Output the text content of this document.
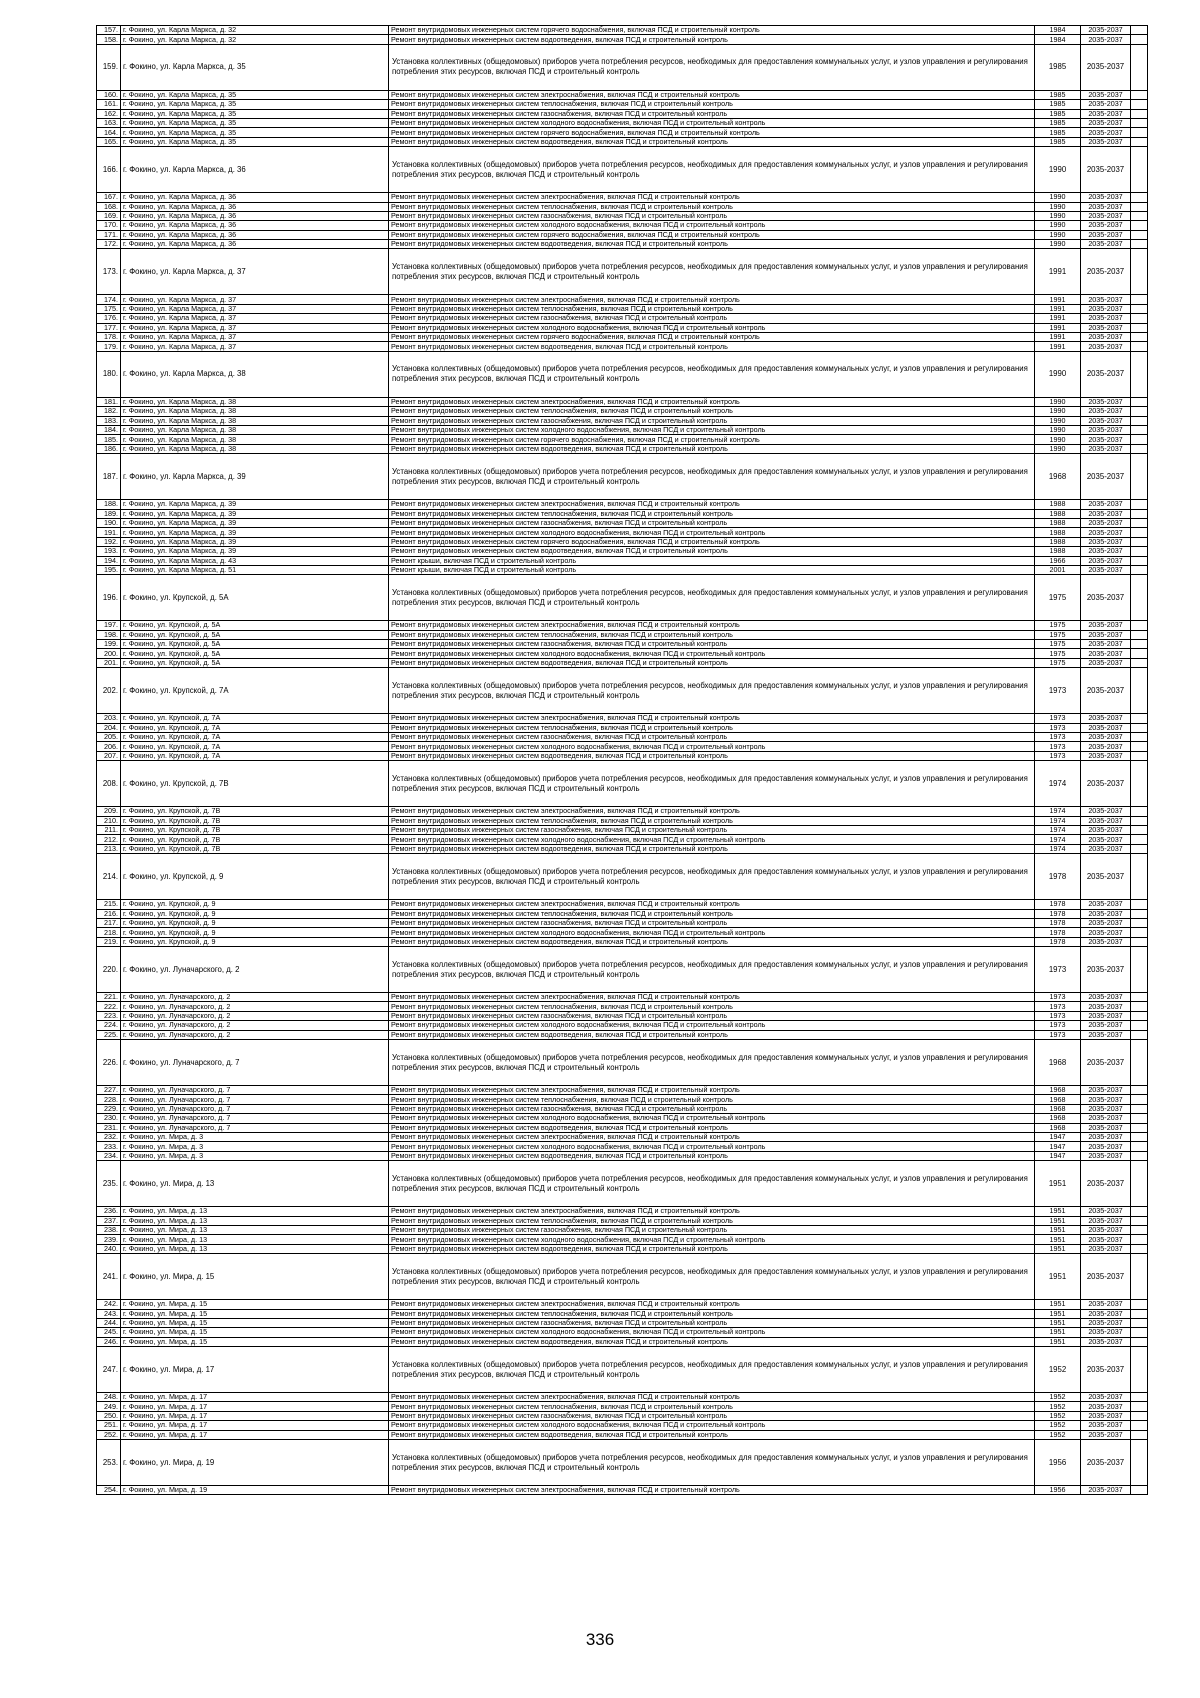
157.	г. Фокино, ул. Карла Маркса, д. 32	Ремонт внутридомовых инженерных систем горячего водоснабжения, включая ПСД и строительный контроль	1984	2035-2037	
158.	г. Фокино, ул. Карла Маркса, д. 32	Ремонт внутридомовых инженерных систем водоотведения, включая ПСД и строительный контроль	1984	2035-2037	
159.	г. Фокино, ул. Карла Маркса, д. 35	Установка коллективных (общедомовых) приборов учета потребления ресурсов, необходимых для предоставления коммунальных услуг, и узлов управления и регулирования потребления этих ресурсов, включая ПСД и строительный контроль	1985	2035-2037	
160.	г. Фокино, ул. Карла Маркса, д. 35	Ремонт внутридомовых инженерных систем электроснабжения, включая ПСД и строительный контроль	1985	2035-2037	
161.	г. Фокино, ул. Карла Маркса, д. 35	Ремонт внутридомовых инженерных систем теплоснабжения, включая ПСД и строительный контроль	1985	2035-2037	
162.	г. Фокино, ул. Карла Маркса, д. 35	Ремонт внутридомовых инженерных систем газоснабжения, включая ПСД и строительный контроль	1985	2035-2037	
163.	г. Фокино, ул. Карла Маркса, д. 35	Ремонт внутридомовых инженерных систем холодного водоснабжения, включая ПСД и строительный контроль	1985	2035-2037	
164.	г. Фокино, ул. Карла Маркса, д. 35	Ремонт внутридомовых инженерных систем горячего водоснабжения, включая ПСД и строительный контроль	1985	2035-2037	
165.	г. Фокино, ул. Карла Маркса, д. 35	Ремонт внутридомовых инженерных систем водоотведения, включая ПСД и строительный контроль	1985	2035-2037	
166.	г. Фокино, ул. Карла Маркса, д. 36	Установка коллективных (общедомовых) приборов учета потребления ресурсов, необходимых для предоставления коммунальных услуг, и узлов управления и регулирования потребления этих ресурсов, включая ПСД и строительный контроль	1990	2035-2037	
167.	г. Фокино, ул. Карла Маркса, д. 36	Ремонт внутридомовых инженерных систем электроснабжения, включая ПСД и строительный контроль	1990	2035-2037	
168.	г. Фокино, ул. Карла Маркса, д. 36	Ремонт внутридомовых инженерных систем теплоснабжения, включая ПСД и строительный контроль	1990	2035-2037	
169.	г. Фокино, ул. Карла Маркса, д. 36	Ремонт внутридомовых инженерных систем газоснабжения, включая ПСД и строительный контроль	1990	2035-2037	
170.	г. Фокино, ул. Карла Маркса, д. 36	Ремонт внутридомовых инженерных систем холодного водоснабжения, включая ПСД и строительный контроль	1990	2035-2037	
171.	г. Фокино, ул. Карла Маркса, д. 36	Ремонт внутридомовых инженерных систем горячего водоснабжения, включая ПСД и строительный контроль	1990	2035-2037	
172.	г. Фокино, ул. Карла Маркса, д. 36	Ремонт внутридомовых инженерных систем водоотведения, включая ПСД и строительный контроль	1990	2035-2037	
173.	г. Фокино, ул. Карла Маркса, д. 37	Установка коллективных (общедомовых) приборов учета потребления ресурсов, необходимых для предоставления коммунальных услуг, и узлов управления и регулирования потребления этих ресурсов, включая ПСД и строительный контроль	1991	2035-2037	
174.	г. Фокино, ул. Карла Маркса, д. 37	Ремонт внутридомовых инженерных систем электроснабжения, включая ПСД и строительный контроль	1991	2035-2037	
175.	г. Фокино, ул. Карла Маркса, д. 37	Ремонт внутридомовых инженерных систем теплоснабжения, включая ПСД и строительный контроль	1991	2035-2037	
176.	г. Фокино, ул. Карла Маркса, д. 37	Ремонт внутридомовых инженерных систем газоснабжения, включая ПСД и строительный контроль	1991	2035-2037	
177.	г. Фокино, ул. Карла Маркса, д. 37	Ремонт внутридомовых инженерных систем холодного водоснабжения, включая ПСД и строительный контроль	1991	2035-2037	
178.	г. Фокино, ул. Карла Маркса, д. 37	Ремонт внутридомовых инженерных систем горячего водоснабжения, включая ПСД и строительный контроль	1991	2035-2037	
179.	г. Фокино, ул. Карла Маркса, д. 37	Ремонт внутридомовых инженерных систем водоотведения, включая ПСД и строительный контроль	1991	2035-2037	
180.	г. Фокино, ул. Карла Маркса, д. 38	Установка коллективных (общедомовых) приборов учета потребления ресурсов, необходимых для предоставления коммунальных услуг, и узлов управления и регулирования потребления этих ресурсов, включая ПСД и строительный контроль	1990	2035-2037	
181.	г. Фокино, ул. Карла Маркса, д. 38	Ремонт внутридомовых инженерных систем электроснабжения, включая ПСД и строительный контроль	1990	2035-2037	
182.	г. Фокино, ул. Карла Маркса, д. 38	Ремонт внутридомовых инженерных систем теплоснабжения, включая ПСД и строительный контроль	1990	2035-2037	
183.	г. Фокино, ул. Карла Маркса, д. 38	Ремонт внутридомовых инженерных систем газоснабжения, включая ПСД и строительный контроль	1990	2035-2037	
184.	г. Фокино, ул. Карла Маркса, д. 38	Ремонт внутридомовых инженерных систем холодного водоснабжения, включая ПСД и строительный контроль	1990	2035-2037	
185.	г. Фокино, ул. Карла Маркса, д. 38	Ремонт внутридомовых инженерных систем горячего водоснабжения, включая ПСД и строительный контроль	1990	2035-2037	
186.	г. Фокино, ул. Карла Маркса, д. 38	Ремонт внутридомовых инженерных систем водоотведения, включая ПСД и строительный контроль	1990	2035-2037	
187.	г. Фокино, ул. Карла Маркса, д. 39	Установка коллективных (общедомовых) приборов учета потребления ресурсов, необходимых для предоставления коммунальных услуг, и узлов управления и регулирования потребления этих ресурсов, включая ПСД и строительный контроль	1968	2035-2037	
188.	г. Фокино, ул. Карла Маркса, д. 39	Ремонт внутридомовых инженерных систем электроснабжения, включая ПСД и строительный контроль	1988	2035-2037	
189.	г. Фокино, ул. Карла Маркса, д. 39	Ремонт внутридомовых инженерных систем теплоснабжения, включая ПСД и строительный контроль	1988	2035-2037	
190.	г. Фокино, ул. Карла Маркса, д. 39	Ремонт внутридомовых инженерных систем газоснабжения, включая ПСД и строительный контроль	1988	2035-2037	
191.	г. Фокино, ул. Карла Маркса, д. 39	Ремонт внутридомовых инженерных систем холодного водоснабжения, включая ПСД и строительный контроль	1988	2035-2037	
192.	г. Фокино, ул. Карла Маркса, д. 39	Ремонт внутридомовых инженерных систем горячего водоснабжения, включая ПСД и строительный контроль	1988	2035-2037	
193.	г. Фокино, ул. Карла Маркса, д. 39	Ремонт внутридомовых инженерных систем водоотведения, включая ПСД и строительный контроль	1988	2035-2037	
194.	г. Фокино, ул. Карла Маркса, д. 43	Ремонт крыши, включая ПСД и строительный контроль	1966	2035-2037	
195.	г. Фокино, ул. Карла Маркса, д. 51	Ремонт крыши, включая ПСД и строительный контроль	2001	2035-2037	
196.	г. Фокино, ул. Крупской, д. 5А	Установка коллективных (общедомовых) приборов учета потребления ресурсов, необходимых для предоставления коммунальных услуг, и узлов управления и регулирования потребления этих ресурсов, включая ПСД и строительный контроль	1975	2035-2037	
197.	г. Фокино, ул. Крупской, д. 5А	Ремонт внутридомовых инженерных систем электроснабжения, включая ПСД и строительный контроль	1975	2035-2037	
198.	г. Фокино, ул. Крупской, д. 5А	Ремонт внутридомовых инженерных систем теплоснабжения, включая ПСД и строительный контроль	1975	2035-2037	
199.	г. Фокино, ул. Крупской, д. 5А	Ремонт внутридомовых инженерных систем газоснабжения, включая ПСД и строительный контроль	1975	2035-2037	
200.	г. Фокино, ул. Крупской, д. 5А	Ремонт внутридомовых инженерных систем холодного водоснабжения, включая ПСД и строительный контроль	1975	2035-2037	
201.	г. Фокино, ул. Крупской, д. 5А	Ремонт внутридомовых инженерных систем водоотведения, включая ПСД и строительный контроль	1975	2035-2037	
202.	г. Фокино, ул. Крупской, д. 7А	Установка коллективных (общедомовых) приборов учета потребления ресурсов, необходимых для предоставления коммунальных услуг, и узлов управления и регулирования потребления этих ресурсов, включая ПСД и строительный контроль	1973	2035-2037	
203.	г. Фокино, ул. Крупской, д. 7А	Ремонт внутридомовых инженерных систем электроснабжения, включая ПСД и строительный контроль	1973	2035-2037	
204.	г. Фокино, ул. Крупской, д. 7А	Ремонт внутридомовых инженерных систем теплоснабжения, включая ПСД и строительный контроль	1973	2035-2037	
205.	г. Фокино, ул. Крупской, д. 7А	Ремонт внутридомовых инженерных систем газоснабжения, включая ПСД и строительный контроль	1973	2035-2037	
206.	г. Фокино, ул. Крупской, д. 7А	Ремонт внутридомовых инженерных систем холодного водоснабжения, включая ПСД и строительный контроль	1973	2035-2037	
207.	г. Фокино, ул. Крупской, д. 7А	Ремонт внутридомовых инженерных систем водоотведения, включая ПСД и строительный контроль	1973	2035-2037	
208.	г. Фокино, ул. Крупской, д. 7В	Установка коллективных (общедомовых) приборов учета потребления ресурсов, необходимых для предоставления коммунальных услуг, и узлов управления и регулирования потребления этих ресурсов, включая ПСД и строительный контроль	1974	2035-2037	
209.	г. Фокино, ул. Крупской, д. 7В	Ремонт внутридомовых инженерных систем электроснабжения, включая ПСД и строительный контроль	1974	2035-2037	
210.	г. Фокино, ул. Крупской, д. 7В	Ремонт внутридомовых инженерных систем теплоснабжения, включая ПСД и строительный контроль	1974	2035-2037	
211.	г. Фокино, ул. Крупской, д. 7В	Ремонт внутридомовых инженерных систем газоснабжения, включая ПСД и строительный контроль	1974	2035-2037	
212.	г. Фокино, ул. Крупской, д. 7В	Ремонт внутридомовых инженерных систем холодного водоснабжения, включая ПСД и строительный контроль	1974	2035-2037	
213.	г. Фокино, ул. Крупской, д. 7В	Ремонт внутридомовых инженерных систем водоотведения, включая ПСД и строительный контроль	1974	2035-2037	
214.	г. Фокино, ул. Крупской, д. 9	Установка коллективных (общедомовых) приборов учета потребления ресурсов, необходимых для предоставления коммунальных услуг, и узлов управления и регулирования потребления этих ресурсов, включая ПСД и строительный контроль	1978	2035-2037	
215.	г. Фокино, ул. Крупской, д. 9	Ремонт внутридомовых инженерных систем электроснабжения, включая ПСД и строительный контроль	1978	2035-2037	
216.	г. Фокино, ул. Крупской, д. 9	Ремонт внутридомовых инженерных систем теплоснабжения, включая ПСД и строительный контроль	1978	2035-2037	
217.	г. Фокино, ул. Крупской, д. 9	Ремонт внутридомовых инженерных систем газоснабжения, включая ПСД и строительный контроль	1978	2035-2037	
218.	г. Фокино, ул. Крупской, д. 9	Ремонт внутридомовых инженерных систем холодного водоснабжения, включая ПСД и строительный контроль	1978	2035-2037	
219.	г. Фокино, ул. Крупской, д. 9	Ремонт внутридомовых инженерных систем водоотведения, включая ПСД и строительный контроль	1978	2035-2037	
220.	г. Фокино, ул. Луначарского, д. 2	Установка коллективных (общедомовых) приборов учета потребления ресурсов, необходимых для предоставления коммунальных услуг, и узлов управления и регулирования потребления этих ресурсов, включая ПСД и строительный контроль	1973	2035-2037	
221.	г. Фокино, ул. Луначарского, д. 2	Ремонт внутридомовых инженерных систем электроснабжения, включая ПСД и строительный контроль	1973	2035-2037	
222.	г. Фокино, ул. Луначарского, д. 2	Ремонт внутридомовых инженерных систем теплоснабжения, включая ПСД и строительный контроль	1973	2035-2037	
223.	г. Фокино, ул. Луначарского, д. 2	Ремонт внутридомовых инженерных систем газоснабжения, включая ПСД и строительный контроль	1973	2035-2037	
224.	г. Фокино, ул. Луначарского, д. 2	Ремонт внутридомовых инженерных систем холодного водоснабжения, включая ПСД и строительный контроль	1973	2035-2037	
225.	г. Фокино, ул. Луначарского, д. 2	Ремонт внутридомовых инженерных систем водоотведения, включая ПСД и строительный контроль	1973	2035-2037	
226.	г. Фокино, ул. Луначарского, д. 7	Установка коллективных (общедомовых) приборов учета потребления ресурсов, необходимых для предоставления коммунальных услуг, и узлов управления и регулирования потребления этих ресурсов, включая ПСД и строительный контроль	1968	2035-2037	
227.	г. Фокино, ул. Луначарского, д. 7	Ремонт внутридомовых инженерных систем электроснабжения, включая ПСД и строительный контроль	1968	2035-2037	
228.	г. Фокино, ул. Луначарского, д. 7	Ремонт внутридомовых инженерных систем теплоснабжения, включая ПСД и строительный контроль	1968	2035-2037	
229.	г. Фокино, ул. Луначарского, д. 7	Ремонт внутридомовых инженерных систем газоснабжения, включая ПСД и строительный контроль	1968	2035-2037	
230.	г. Фокино, ул. Луначарского, д. 7	Ремонт внутридомовых инженерных систем холодного водоснабжения, включая ПСД и строительный контроль	1968	2035-2037	
231.	г. Фокино, ул. Луначарского, д. 7	Ремонт внутридомовых инженерных систем водоотведения, включая ПСД и строительный контроль	1968	2035-2037	
232.	г. Фокино, ул. Мира, д. 3	Ремонт внутридомовых инженерных систем электроснабжения, включая ПСД и строительный контроль	1947	2035-2037	
233.	г. Фокино, ул. Мира, д. 3	Ремонт внутридомовых инженерных систем холодного водоснабжения, включая ПСД и строительный контроль	1947	2035-2037	
234.	г. Фокино, ул. Мира, д. 3	Ремонт внутридомовых инженерных систем водоотведения, включая ПСД и строительный контроль	1947	2035-2037	
235.	г. Фокино, ул. Мира, д. 13	Установка коллективных (общедомовых) приборов учета потребления ресурсов, необходимых для предоставления коммунальных услуг, и узлов управления и регулирования потребления этих ресурсов, включая ПСД и строительный контроль	1951	2035-2037	
236.	г. Фокино, ул. Мира, д. 13	Ремонт внутридомовых инженерных систем электроснабжения, включая ПСД и строительный контроль	1951	2035-2037	
237.	г. Фокино, ул. Мира, д. 13	Ремонт внутридомовых инженерных систем теплоснабжения, включая ПСД и строительный контроль	1951	2035-2037	
238.	г. Фокино, ул. Мира, д. 13	Ремонт внутридомовых инженерных систем газоснабжения, включая ПСД и строительный контроль	1951	2035-2037	
239.	г. Фокино, ул. Мира, д. 13	Ремонт внутридомовых инженерных систем холодного водоснабжения, включая ПСД и строительный контроль	1951	2035-2037	
240.	г. Фокино, ул. Мира, д. 13	Ремонт внутридомовых инженерных систем водоотведения, включая ПСД и строительный контроль	1951	2035-2037	
241.	г. Фокино, ул. Мира, д. 15	Установка коллективных (общедомовых) приборов учета потребления ресурсов, необходимых для предоставления коммунальных услуг, и узлов управления и регулирования потребления этих ресурсов, включая ПСД и строительный контроль	1951	2035-2037	
242.	г. Фокино, ул. Мира, д. 15	Ремонт внутридомовых инженерных систем электроснабжения, включая ПСД и строительный контроль	1951	2035-2037	
243.	г. Фокино, ул. Мира, д. 15	Ремонт внутридомовых инженерных систем теплоснабжения, включая ПСД и строительный контроль	1951	2035-2037	
244.	г. Фокино, ул. Мира, д. 15	Ремонт внутридомовых инженерных систем газоснабжения, включая ПСД и строительный контроль	1951	2035-2037	
245.	г. Фокино, ул. Мира, д. 15	Ремонт внутридомовых инженерных систем холодного водоснабжения, включая ПСД и строительный контроль	1951	2035-2037	
246.	г. Фокино, ул. Мира, д. 15	Ремонт внутридомовых инженерных систем водоотведения, включая ПСД и строительный контроль	1951	2035-2037	
247.	г. Фокино, ул. Мира, д. 17	Установка коллективных (общедомовых) приборов учета потребления ресурсов, необходимых для предоставления коммунальных услуг, и узлов управления и регулирования потребления этих ресурсов, включая ПСД и строительный контроль	1952	2035-2037	
248.	г. Фокино, ул. Мира, д. 17	Ремонт внутридомовых инженерных систем электроснабжения, включая ПСД и строительный контроль	1952	2035-2037	
249.	г. Фокино, ул. Мира, д. 17	Ремонт внутридомовых инженерных систем теплоснабжения, включая ПСД и строительный контроль	1952	2035-2037	
250.	г. Фокино, ул. Мира, д. 17	Ремонт внутридомовых инженерных систем газоснабжения, включая ПСД и строительный контроль	1952	2035-2037	
251.	г. Фокино, ул. Мира, д. 17	Ремонт внутридомовых инженерных систем холодного водоснабжения, включая ПСД и строительный контроль	1952	2035-2037	
252.	г. Фокино, ул. Мира, д. 17	Ремонт внутридомовых инженерных систем водоотведения, включая ПСД и строительный контроль	1952	2035-2037	
253.	г. Фокино, ул. Мира, д. 19	Установка коллективных (общедомовых) приборов учета потребления ресурсов, необходимых для предоставления коммунальных услуг, и узлов управления и регулирования потребления этих ресурсов, включая ПСД и строительный контроль	1956	2035-2037	
254.	г. Фокино, ул. Мира, д. 19	Ремонт внутридомовых инженерных систем электроснабжения, включая ПСД и строительный контроль	1956	2035-2037	
336
